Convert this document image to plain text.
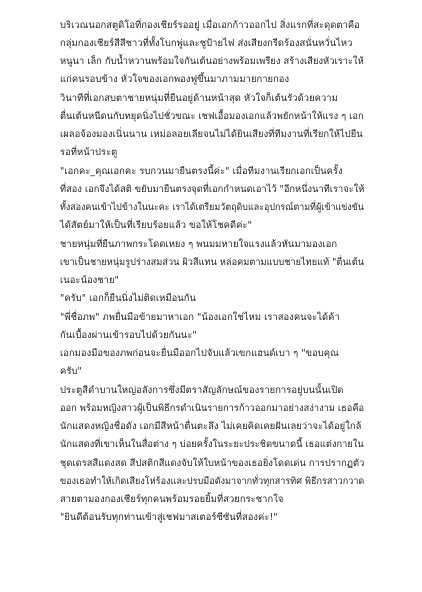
บริเวณนอกสตูดิโอที่กองเชียร์รออยู่ เมื่อเอกก้าวออกไป สิ่งแรกที่สะดุดตาคือ
กลุ่มกองเชียร์สีสีชาวที่ทั้งโบกพู่และชูป้ายไฟ ส่งเสียงกรีดร้องสนั่นหวั่นไหว
หนูนา เล็ก กับน้ำหวานพร้อมใจกันเต้นอย่างพร้อมเพรียง สร้างเสียงหัวเราะให้
แก่คนรอบข้าง หัวใจของเอกพองฟูขึ้นมาภามมายกายกอง
วินาทีที่เอกสบตาชายหนุ่มที่ยืนอยู่ด้านหน้าสุด หัวใจก็เต้นรัวด้วยความ
ตื่นเต้นหนีดนกับทยุดนิ่งไปชั่วขณะ เชฟเอื้อมองเอกแล้วพยักหน้าให้แรง ๆ เอก
เผลอจ้องมองเนิ่นนาน เหม่อลอยเลียจนไม่ได้ยินเสียงที่ทีมงานที่เรียกให้ไปยืน
รอที่หน้าประตู
"เอกคะ_คุณเอกคะ รบกวนมายืนตรงนี้ค่ะ" เมื่อทีมงานเรียกเอกเป็นครั้ง
ที่สอง เอกจึงได้สติ ขยับมายืนตรงจุดที่เอกกำหนดเอาไว้ "อีกหนึ่งนาทีเราจะให้
ทั้งสองคนเข้าไปข้างในนะคะ เราได้เตรียมวัตถุดิบและอุปกรณ์ตามที่ผู้เข้าแข่งขัน
ได้สัตย์มาให้เป็นที่เรียบร้อยแล้ว ขอให้โชคดีค่ะ"
ชายหนุ่มที่ยืนภาพกระโดดเหยง ๆ พนมมหายใจแรงแล้วหันมามองเอก
เขาเป็นชายหนุ่มรูปร่างสมส่วน ผิวสีแทน หล่อคมตามแบบชายไทยแท้ "ตื่นเต้น
เนอะน้องชาย"
"ครับ" เอกก็ยืนนิ่งไม่ติดเหมือนกัน
"พี่ชื่อภพ" ภพยื่นมือข้ายมาหาเอก "น้องเอกใช่ไหม เราสองคนจะได้ค้า
กันเบื้องผ่านเข้ารอบไปด้วยกันนะ"
เอกมองมือของภพก่อนจะยื่นมืออกไปจับแล้วเขกแฮนด์เบา ๆ "ขอบคุณ
ครับ"
ประตูสีดำบานใหญ่อลังการซึ่งมีตราสัญลักษณ์ของรายการอยู่บนนั้นเปิด
ออก พร้อมหญิงสาวผู้เป็นพิธีกรดำเนินรายการก้าวออกมาอย่างสง่างาม เธอคือ
นักแสดงหญิงชื่อดัง เอกมีสีหน้าตื่นตะลึง ไม่เคยคิดเคยฝันเลยว่าจะได้อยู่ใกล้
นักแสดงที่เขาเห็นในสื่อต่าง ๆ บ่อยครั้งในระยะประชิดขนาดนี้ เธอแต่งกายใน
ชุดเดรสสีแดงสด สีปสติกสีแดงจับให้ใบหน้าของเธอยิ่งโดดเด่น การปรากฏตัว
ของเธอทำให้เกิดเสียงโห่ร้องและปรบมือดังมาจากทั่วทุกสารทิศ พิธีกรสาวกวาด
สายตามองกองเชียร์ทุกคนพร้อมรอยยิ้มที่สวยกระชากใจ
"ยินดีต้อนรับทุกท่านเข้าสู่เชฟมาสเตอร์ซีซันที่สองค่ะ!"
